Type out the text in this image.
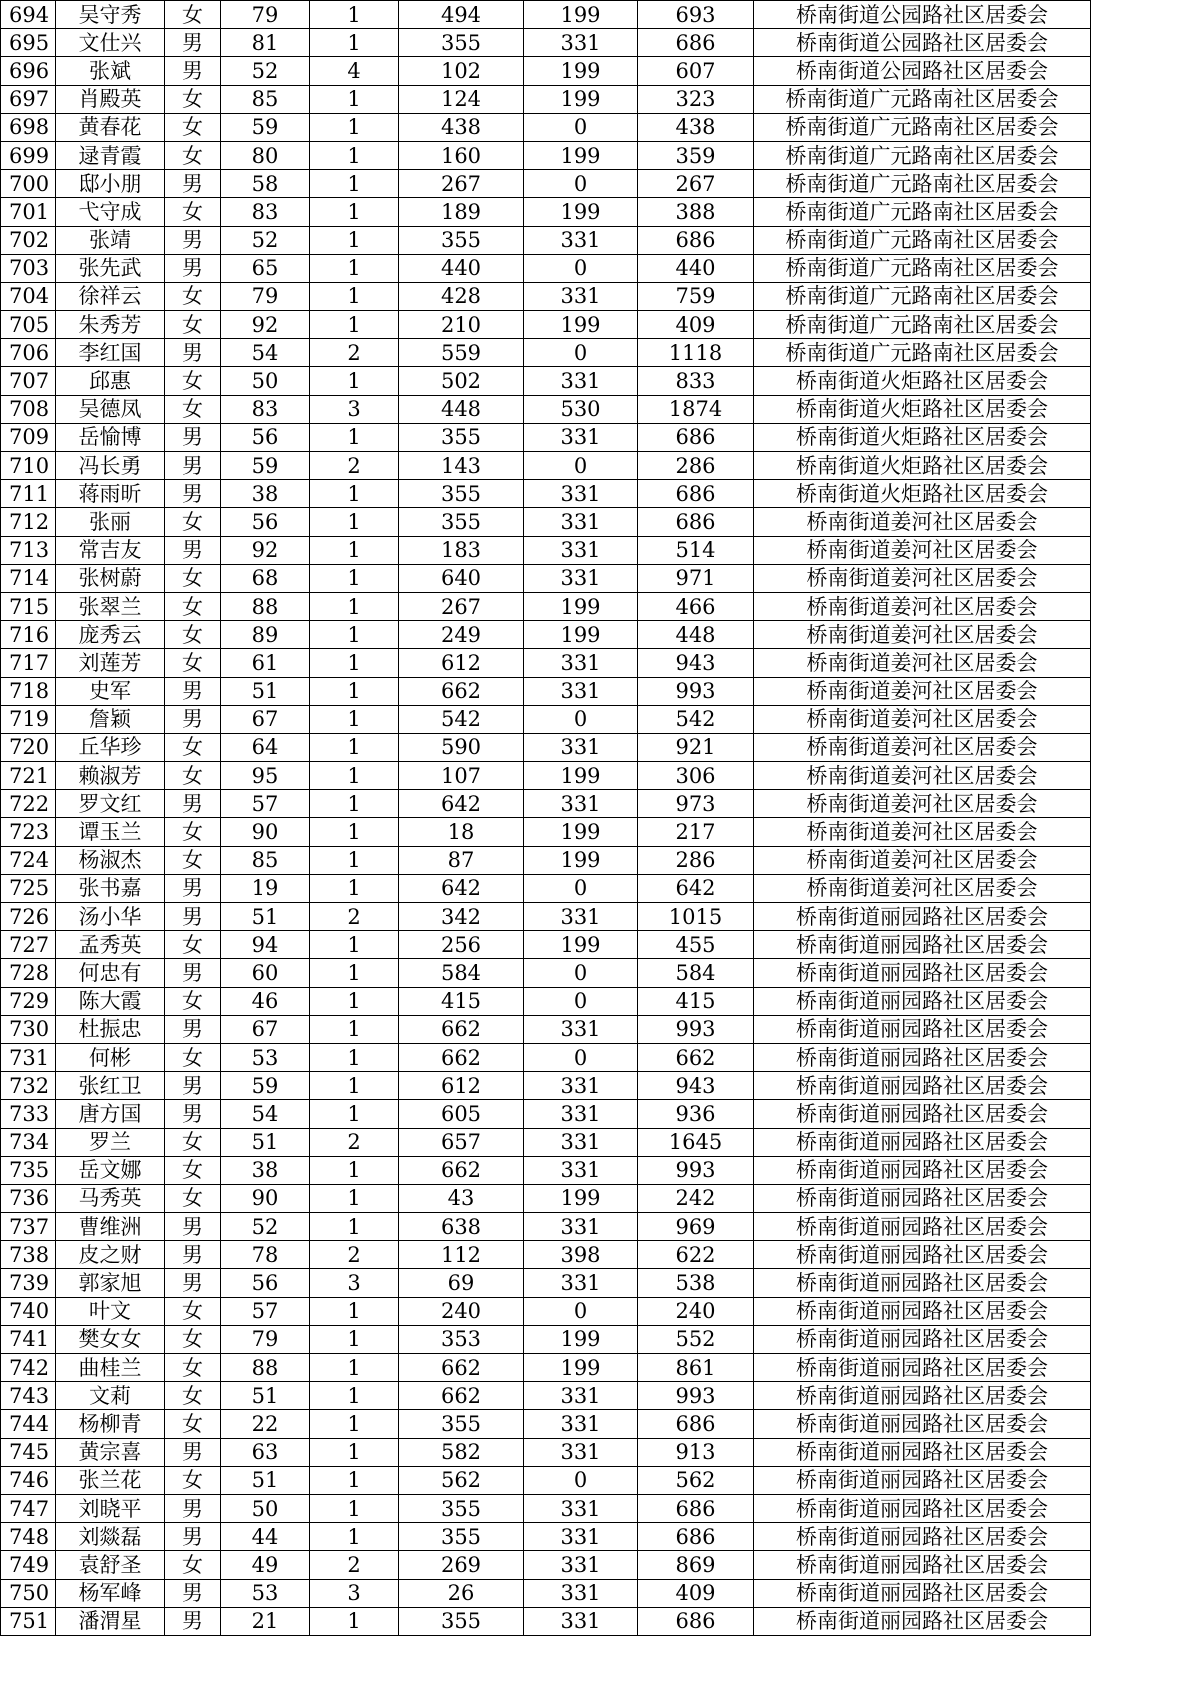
694	吴守秀	女	79	1	494	199	693	桥南街道公园路社区居委会
695	文仕兴	男	81	1	355	331	686	桥南街道公园路社区居委会
696	张斌	男	52	4	102	199	607	桥南街道公园路社区居委会
697	肖殿英	女	85	1	124	199	323	桥南街道广元路南社区居委会
698	黄春花	女	59	1	438	0	438	桥南街道广元路南社区居委会
699	逯青霞	女	80	1	160	199	359	桥南街道广元路南社区居委会
700	邸小朋	男	58	1	267	0	267	桥南街道广元路南社区居委会
701	弋守成	女	83	1	189	199	388	桥南街道广元路南社区居委会
702	张靖	男	52	1	355	331	686	桥南街道广元路南社区居委会
703	张先武	男	65	1	440	0	440	桥南街道广元路南社区居委会
704	徐祥云	女	79	1	428	331	759	桥南街道广元路南社区居委会
705	朱秀芳	女	92	1	210	199	409	桥南街道广元路南社区居委会
706	李红国	男	54	2	559	0	1118	桥南街道广元路南社区居委会
707	邱惠	女	50	1	502	331	833	桥南街道火炬路社区居委会
708	吴德凤	女	83	3	448	530	1874	桥南街道火炬路社区居委会
709	岳愉博	男	56	1	355	331	686	桥南街道火炬路社区居委会
710	冯长勇	男	59	2	143	0	286	桥南街道火炬路社区居委会
711	蒋雨昕	男	38	1	355	331	686	桥南街道火炬路社区居委会
712	张丽	女	56	1	355	331	686	桥南街道姜河社区居委会
713	常吉友	男	92	1	183	331	514	桥南街道姜河社区居委会
714	张树蔚	女	68	1	640	331	971	桥南街道姜河社区居委会
715	张翠兰	女	88	1	267	199	466	桥南街道姜河社区居委会
716	庞秀云	女	89	1	249	199	448	桥南街道姜河社区居委会
717	刘莲芳	女	61	1	612	331	943	桥南街道姜河社区居委会
718	史军	男	51	1	662	331	993	桥南街道姜河社区居委会
719	詹颖	男	67	1	542	0	542	桥南街道姜河社区居委会
720	丘华珍	女	64	1	590	331	921	桥南街道姜河社区居委会
721	赖淑芳	女	95	1	107	199	306	桥南街道姜河社区居委会
722	罗文红	男	57	1	642	331	973	桥南街道姜河社区居委会
723	谭玉兰	女	90	1	18	199	217	桥南街道姜河社区居委会
724	杨淑杰	女	85	1	87	199	286	桥南街道姜河社区居委会
725	张书嘉	男	19	1	642	0	642	桥南街道姜河社区居委会
726	汤小华	男	51	2	342	331	1015	桥南街道丽园路社区居委会
727	孟秀英	女	94	1	256	199	455	桥南街道丽园路社区居委会
728	何忠有	男	60	1	584	0	584	桥南街道丽园路社区居委会
729	陈大霞	女	46	1	415	0	415	桥南街道丽园路社区居委会
730	杜振忠	男	67	1	662	331	993	桥南街道丽园路社区居委会
731	何彬	女	53	1	662	0	662	桥南街道丽园路社区居委会
732	张红卫	男	59	1	612	331	943	桥南街道丽园路社区居委会
733	唐方国	男	54	1	605	331	936	桥南街道丽园路社区居委会
734	罗兰	女	51	2	657	331	1645	桥南街道丽园路社区居委会
735	岳文娜	女	38	1	662	331	993	桥南街道丽园路社区居委会
736	马秀英	女	90	1	43	199	242	桥南街道丽园路社区居委会
737	曹维洲	男	52	1	638	331	969	桥南街道丽园路社区居委会
738	皮之财	男	78	2	112	398	622	桥南街道丽园路社区居委会
739	郭家旭	男	56	3	69	331	538	桥南街道丽园路社区居委会
740	叶文	女	57	1	240	0	240	桥南街道丽园路社区居委会
741	樊女女	女	79	1	353	199	552	桥南街道丽园路社区居委会
742	曲桂兰	女	88	1	662	199	861	桥南街道丽园路社区居委会
743	文莉	女	51	1	662	331	993	桥南街道丽园路社区居委会
744	杨柳青	女	22	1	355	331	686	桥南街道丽园路社区居委会
745	黄宗喜	男	63	1	582	331	913	桥南街道丽园路社区居委会
746	张兰花	女	51	1	562	0	562	桥南街道丽园路社区居委会
747	刘晓平	男	50	1	355	331	686	桥南街道丽园路社区居委会
748	刘燚磊	男	44	1	355	331	686	桥南街道丽园路社区居委会
749	袁舒圣	女	49	2	269	331	869	桥南街道丽园路社区居委会
750	杨军峰	男	53	3	26	331	409	桥南街道丽园路社区居委会
751	潘渭星	男	21	1	355	331	686	桥南街道丽园路社区居委会
